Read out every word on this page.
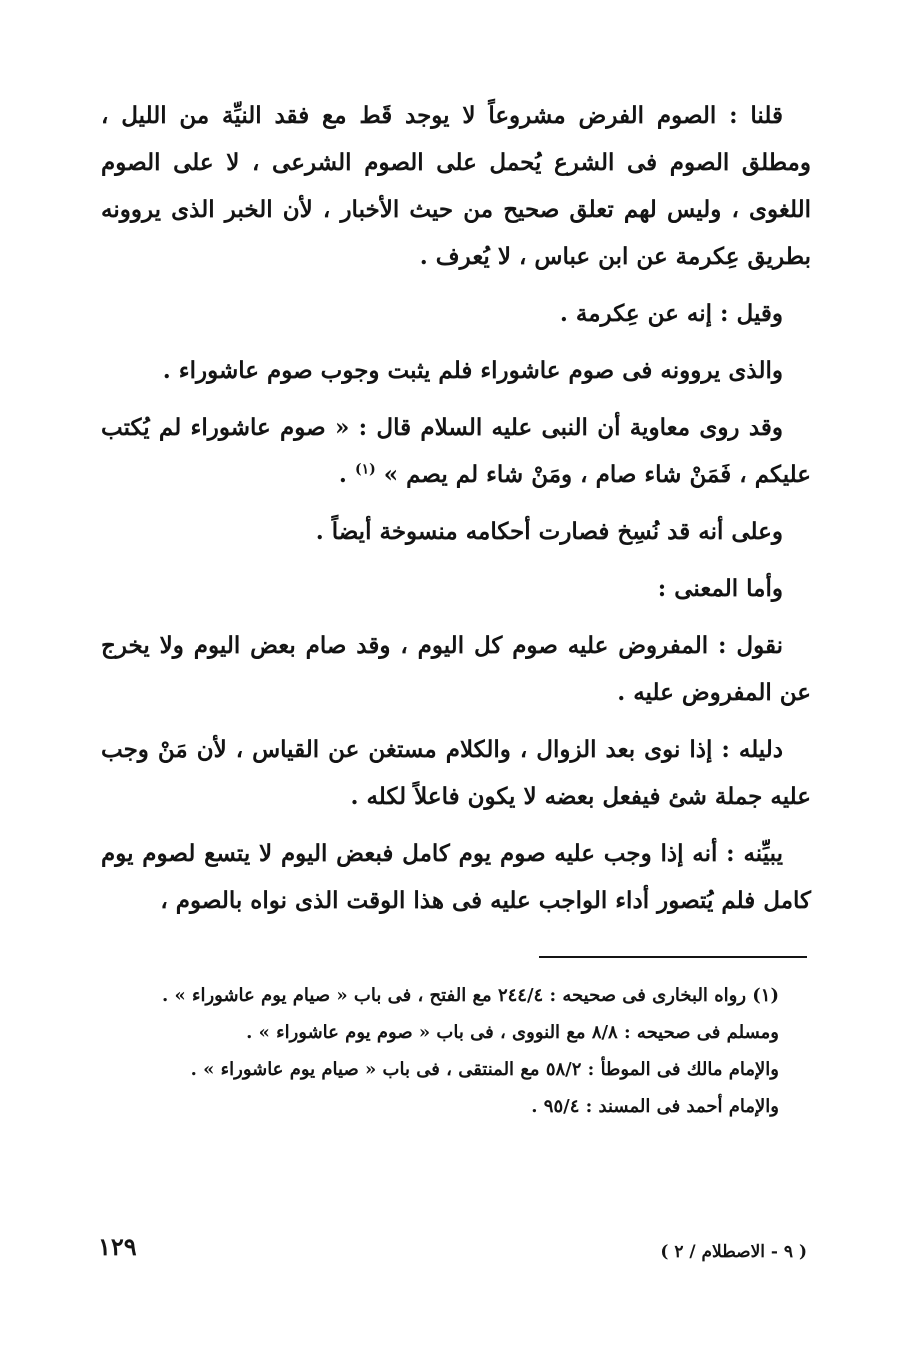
قلنا : الصوم الفرض مشروعاً لا يوجد قَط مع فقد النيِّة من الليل ، ومطلق الصوم فى الشرع يُحمل على الصوم الشرعى ، لا على الصوم اللغوى ، وليس لهم تعلق صحيح من حيث الأخبار ، لأن الخبر الذى يروونه بطريق عِكرمة عن ابن عباس ، لا يُعرف .

وقيل : إنه عن عِكرمة .

والذى يروونه فى صوم عاشوراء فلم يثبت وجوب صوم عاشوراء .

وقد روى معاوية أن النبى عليه السلام قال : « صوم عاشوراء لم يُكتب عليكم ، فَمَنْ شاء صام ، ومَنْ شاء لم يصم » $^{(١)}$ .

وعلى أنه قد نُسِخ فصارت أحكامه منسوخة أيضاً .

وأما المعنى :

نقول : المفروض عليه صوم كل اليوم ، وقد صام بعض اليوم ولا يخرج عن المفروض عليه .

دليله : إذا نوى بعد الزوال ، والكلام مستغن عن القياس ، لأن مَنْ وجب عليه جملة شئ فيفعل بعضه لا يكون فاعلاً لكله .

يبيِّنه : أنه إذا وجب عليه صوم يوم كامل فبعض اليوم لا يتسع لصوم يوم كامل فلم يُتصور أداء الواجب عليه فى هذا الوقت الذى نواه بالصوم ،

(١) رواه البخارى فى صحيحه : ٢٤٤/٤ مع الفتح ، فى باب « صيام يوم عاشوراء » .

ومسلم فى صحيحه : ٨/٨ مع النووى ، فى باب « صوم يوم عاشوراء » .

والإمام مالك فى الموطأ : ٥٨/٢ مع المنتقى ، فى باب « صيام يوم عاشوراء » .

والإمام أحمد فى المسند : ٩٥/٤ .

( ٩ - الاصطلام / ٢ )
١٢٩
